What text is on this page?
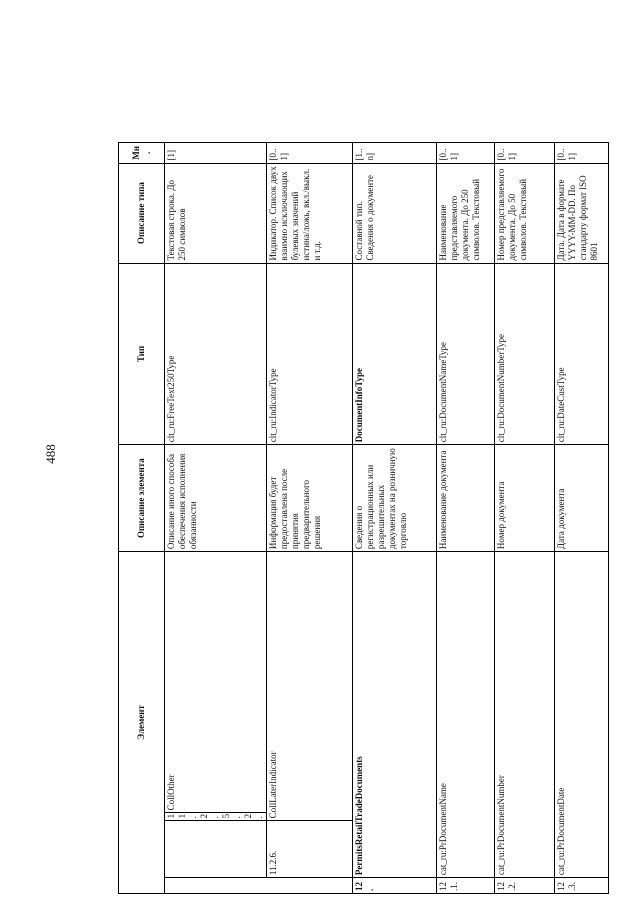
488
Элемент				Описание элемента	Тип	Описание типа	Мн.
		11.2.5.2.	CollOther	Описание иного способа обеспечения исполнения обязанности	clt_ru:FreeText250Type	Текстовая строка. До 250 символов	[1]
	11.2.6.	CollLaterIndicator		Информация будет предоставлена после принятия предварительного решения	clt_ru:IndicatorType	Индикатор. Список двух взаимно исключающих булевых значений истина/ложь, вкл./выкл. и т.д.	[0..1]
12.	PermitsRetailTradeDocuments			Сведения о регистрационных или разрешительных документах на розничную торговлю	DocumentInfoType	Составной тип. Сведения о документе	[1..n]
12.1.	cat_ru:PrDocumentName			Наименование документа	clt_ru:DocumentNameType	Наименование представляемого документа. До 250 символов. Текстовый	[0..1]
12.2.	cat_ru:PrDocumentNumber			Номер документа	clt_ru:DocumentNumberType	Номер представляемого документа. До 50 символов. Текстовый	[0..1]
12.3.	cat_ru:PrDocumentDate			Дата документа	clt_ru:DateCustType	Дата. Дата в формате YYYY-MM-DD. По стандарту формат ISO 8601	[0..1]
